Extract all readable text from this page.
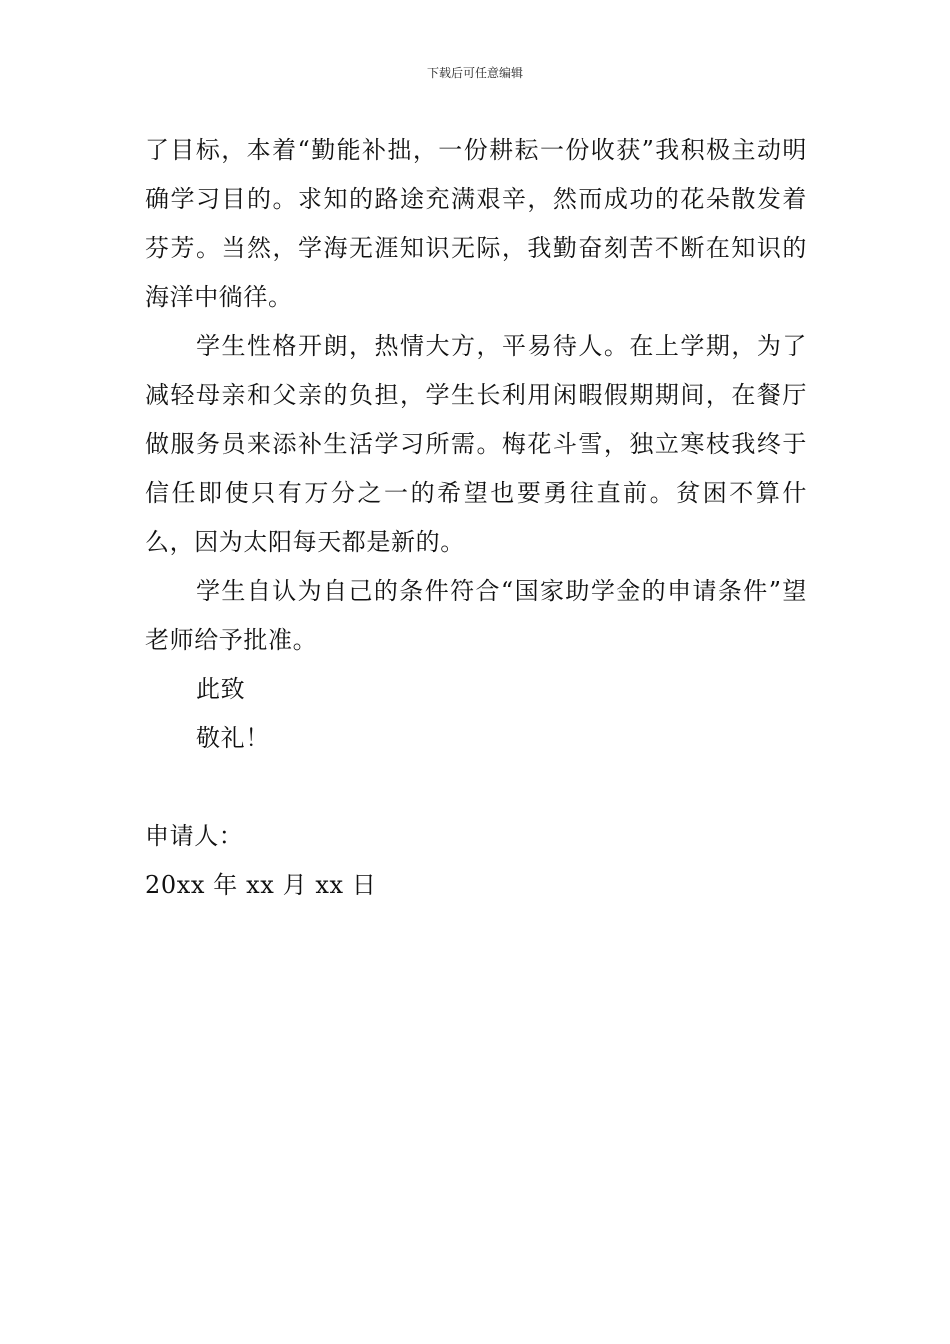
下载后可任意编辑

了目标，本着“勤能补拙，一份耕耘一份收获”我积极主动明确学习目的。求知的路途充满艰辛，然而成功的花朵散发着芬芳。当然，学海无涯知识无际，我勤奋刻苦不断在知识的海洋中徜徉。

学生性格开朗，热情大方，平易待人。在上学期，为了减轻母亲和父亲的负担，学生长利用闲暇假期期间，在餐厅做服务员来添补生活学习所需。梅花斗雪，独立寒枝我终于信任即使只有万分之一的希望也要勇往直前。贫困不算什么，因为太阳每天都是新的。

学生自认为自己的条件符合“国家助学金的申请条件”望老师给予批准。

此致

敬礼！

申请人：

20xx 年 xx 月 xx 日
